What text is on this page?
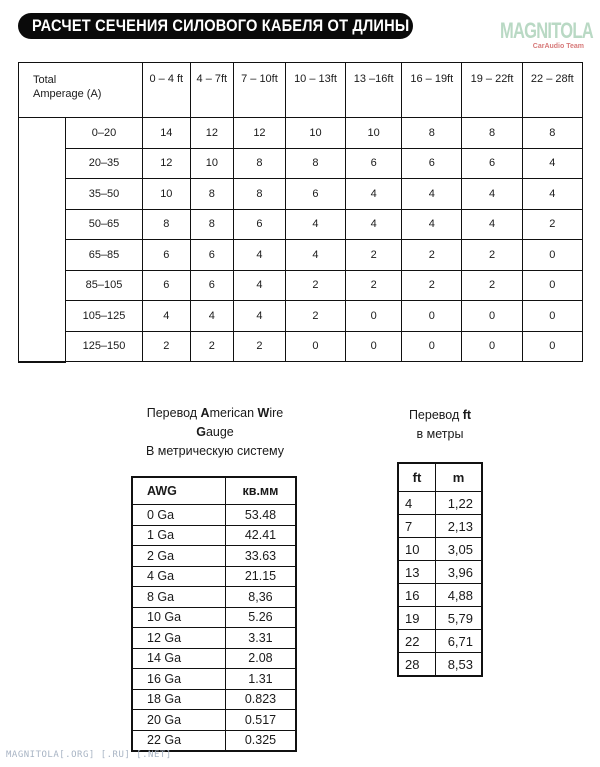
РАСЧЕТ СЕЧЕНИЯ СИЛОВОГО КАБЕЛЯ ОТ ДЛИНЫ	MAGNITOLA
CarAudio Team
Total
Amperage (A)		0 – 4 ft	4 – 7ft	7 – 10ft	10 – 13ft	13 –16ft	16 – 19ft	19 – 22ft	22 – 28ft
	0–20	14	12	12	10	10	8	8	8
	20–35	12	10	8	8	6	6	6	4
	35–50	10	8	8	6	4	4	4	4
	50–65	8	8	6	4	4	4	4	2
	65–85	6	6	4	4	2	2	2	0
	85–105	6	6	4	2	2	2	2	0
	105–125	4	4	4	2	0	0	0	0
	125–150	2	2	2	0	0	0	0	0
Перевод American Wire
Gauge
В метрическую систему
AWG	кв.мм
0 Ga	53.48
1 Ga	42.41
2 Ga	33.63
4 Ga	21.15
8 Ga	8,36
10 Ga	5.26
12 Ga	3.31
14 Ga	2.08
16 Ga	1.31
18 Ga	0.823
20 Ga	0.517
22 Ga	0.325
Перевод ft
в метры
ft	m
4	1,22
7	2,13
10	3,05
13	3,96
16	4,88
19	5,79
22	6,71
28	8,53
MAGNITOLA[.ORG] [.RU] [.NET]
